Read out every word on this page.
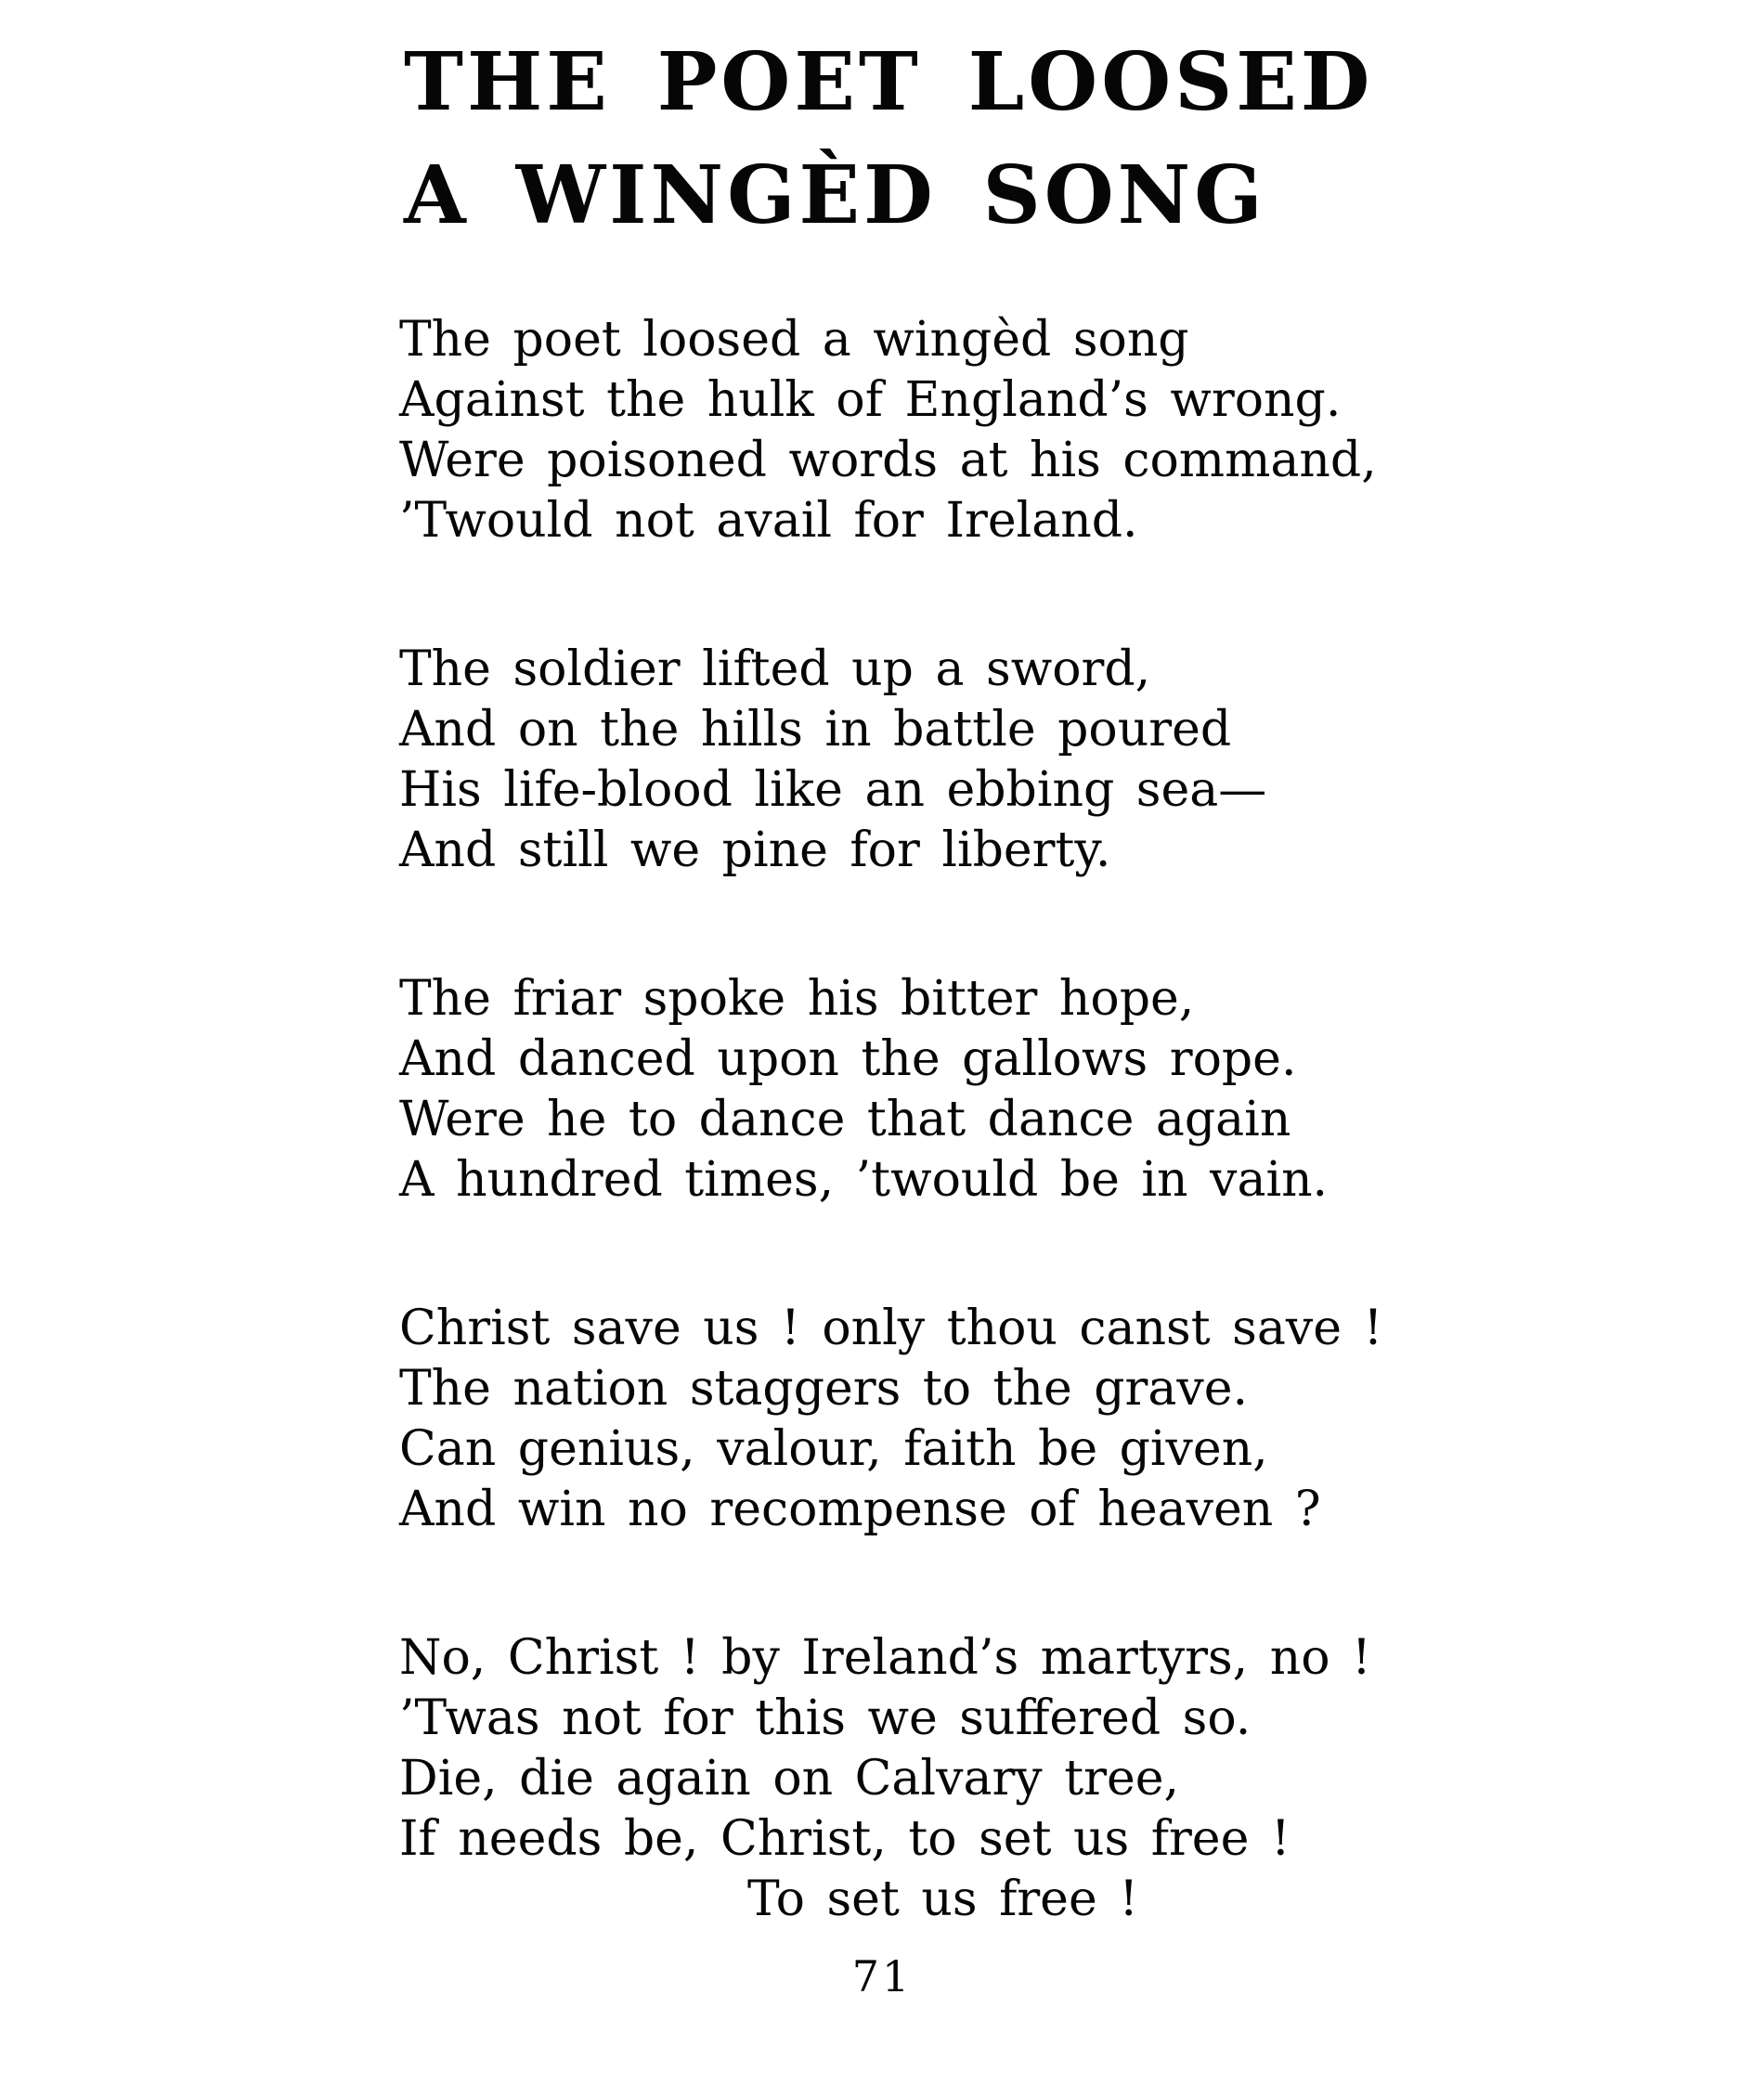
THE POET LOOSED
A WINGÈD SONG

The poet loosed a wingèd song

Against the hulk of England’s wrong.

Were poisoned words at his command,

’Twould not avail for Ireland.

The soldier lifted up a sword,

And on the hills in battle poured

His life-blood like an ebbing sea—

And still we pine for liberty.

The friar spoke his bitter hope,

And danced upon the gallows rope.

Were he to dance that dance again

A hundred times, ’twould be in vain.

Christ save us ! only thou canst save !

The nation staggers to the grave.

Can genius, valour, faith be given,

And win no recompense of heaven ?

No, Christ ! by Ireland’s martyrs, no !

’Twas not for this we suffered so.

Die, die again on Calvary tree,

If needs be, Christ, to set us free !

To set us free !

71
